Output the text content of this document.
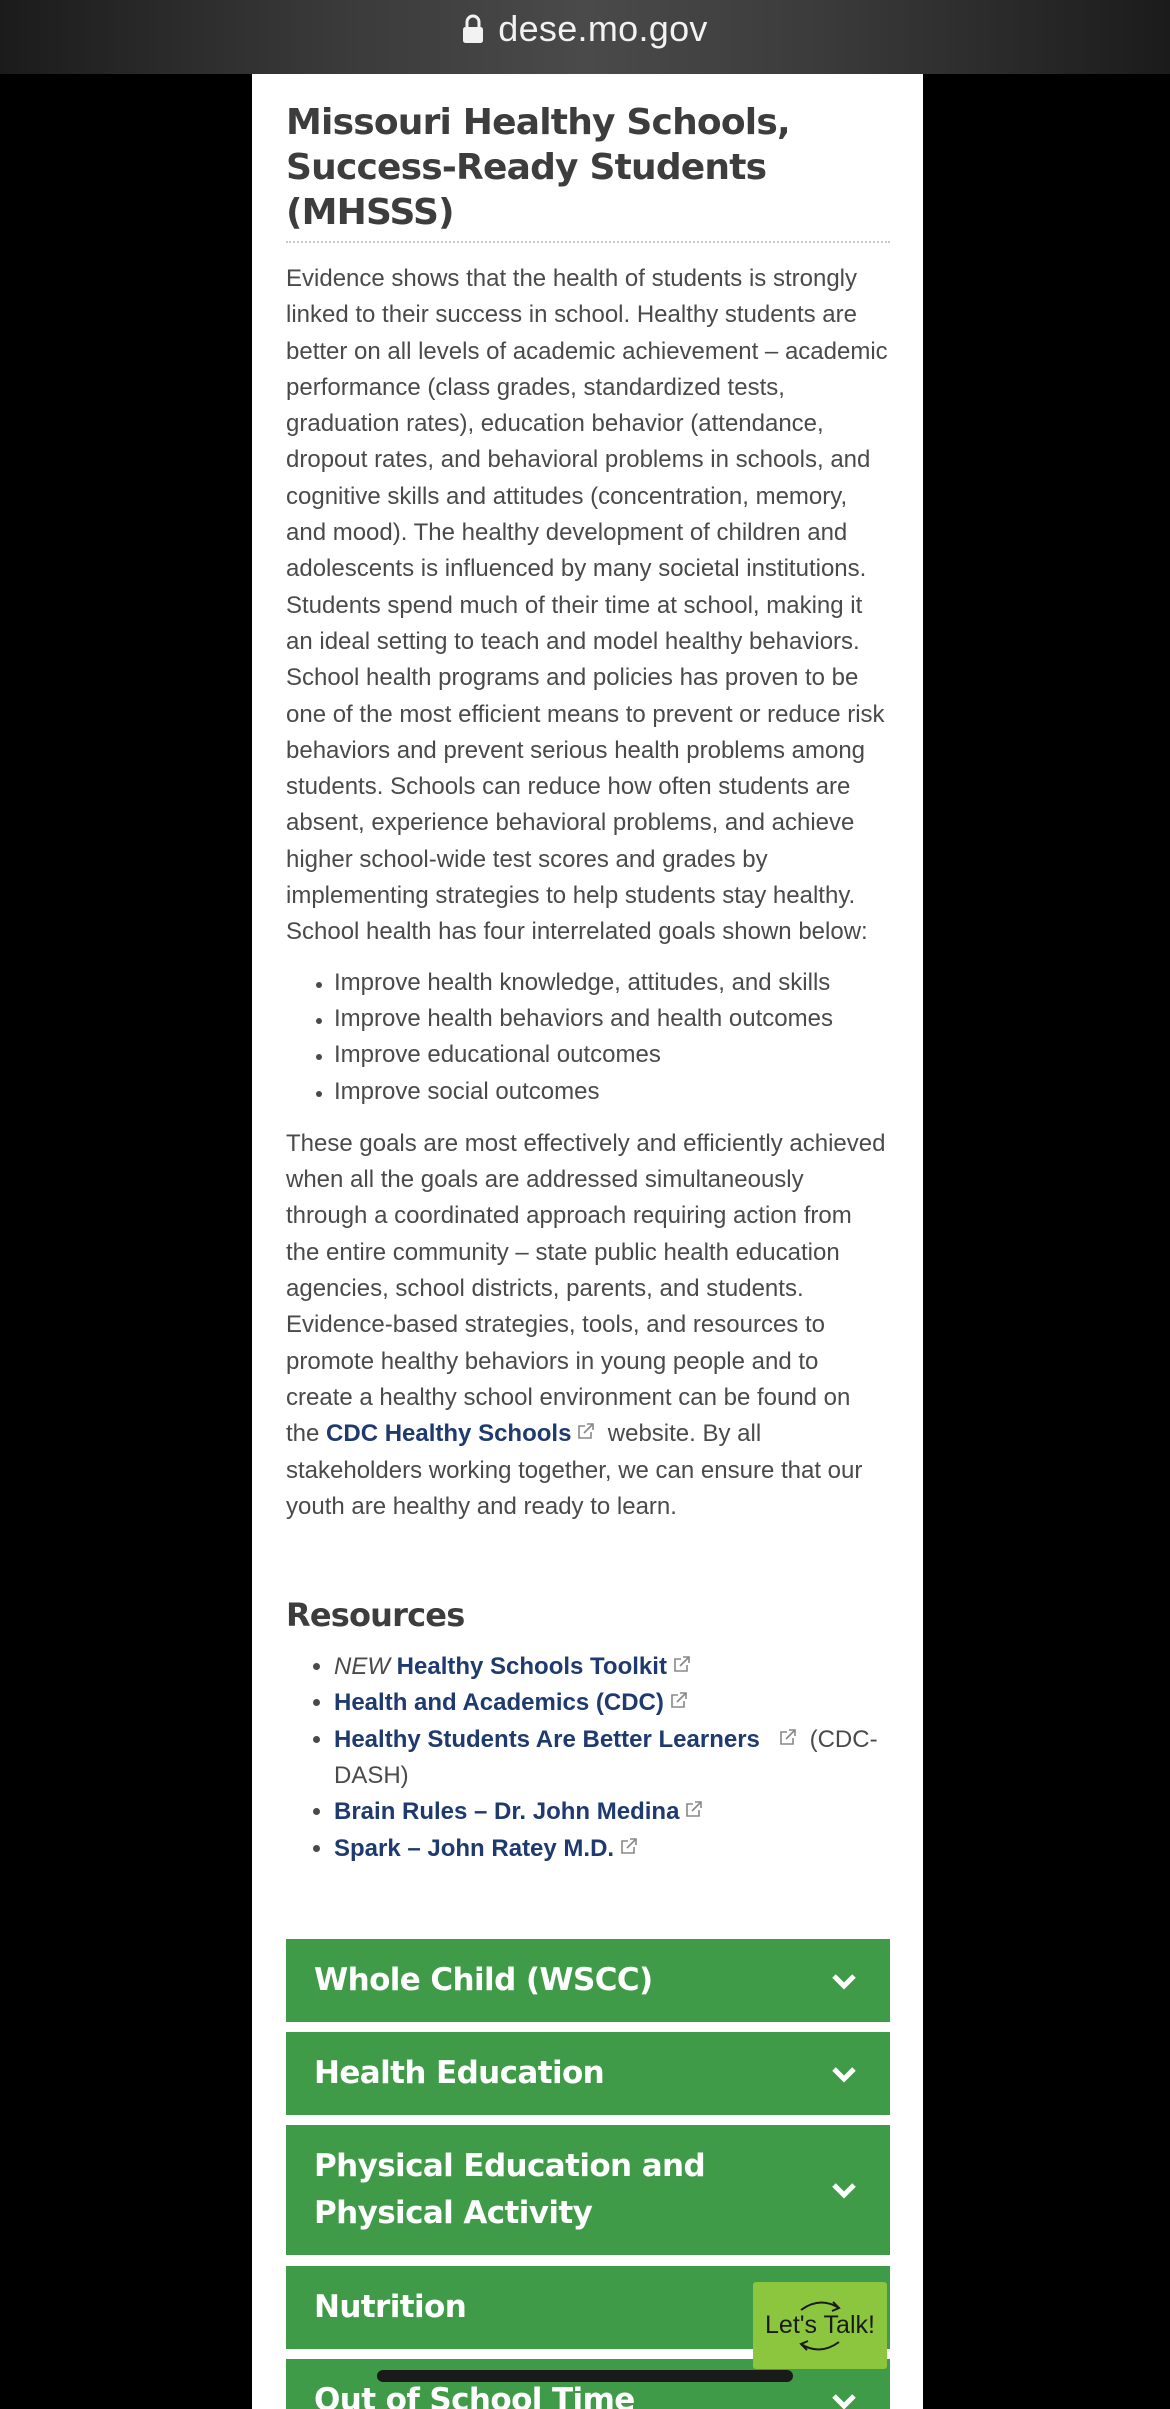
dese.mo.gov
Missouri Healthy Schools, Success-Ready Students (MHSSS)

Evidence shows that the health of students is strongly linked to their success in school. Healthy students are better on all levels of academic achievement – academic performance (class grades, standardized tests, graduation rates), education behavior (attendance, dropout rates, and behavioral problems in schools, and cognitive skills and attitudes (concentration, memory, and mood). The healthy development of children and adolescents is influenced by many societal institutions. Students spend much of their time at school, making it an ideal setting to teach and model healthy behaviors. School health programs and policies has proven to be one of the most efficient means to prevent or reduce risk behaviors and prevent serious health problems among students. Schools can reduce how often students are absent, experience behavioral problems, and achieve higher school-wide test scores and grades by implementing strategies to help students stay healthy. School health has four interrelated goals shown below:

• Improve health knowledge, attitudes, and skills
• Improve health behaviors and health outcomes
• Improve educational outcomes
• Improve social outcomes

These goals are most effectively and efficiently achieved when all the goals are addressed simultaneously through a coordinated approach requiring action from the entire community – state public health education agencies, school districts, parents, and students. Evidence-based strategies, tools, and resources to promote healthy behaviors in young people and to create a healthy school environment can be found on the CDC Healthy Schools website. By all stakeholders working together, we can ensure that our youth are healthy and ready to learn.

Resources
• NEW Healthy Schools Toolkit
• Health and Academics (CDC)
• Healthy Students Are Better Learners (CDC-DASH)
• Brain Rules – Dr. John Medina
• Spark – John Ratey M.D.
Whole Child (WSCC)
Health Education
Physical Education and Physical Activity
Nutrition
Out of School Time
Let's Talk!
